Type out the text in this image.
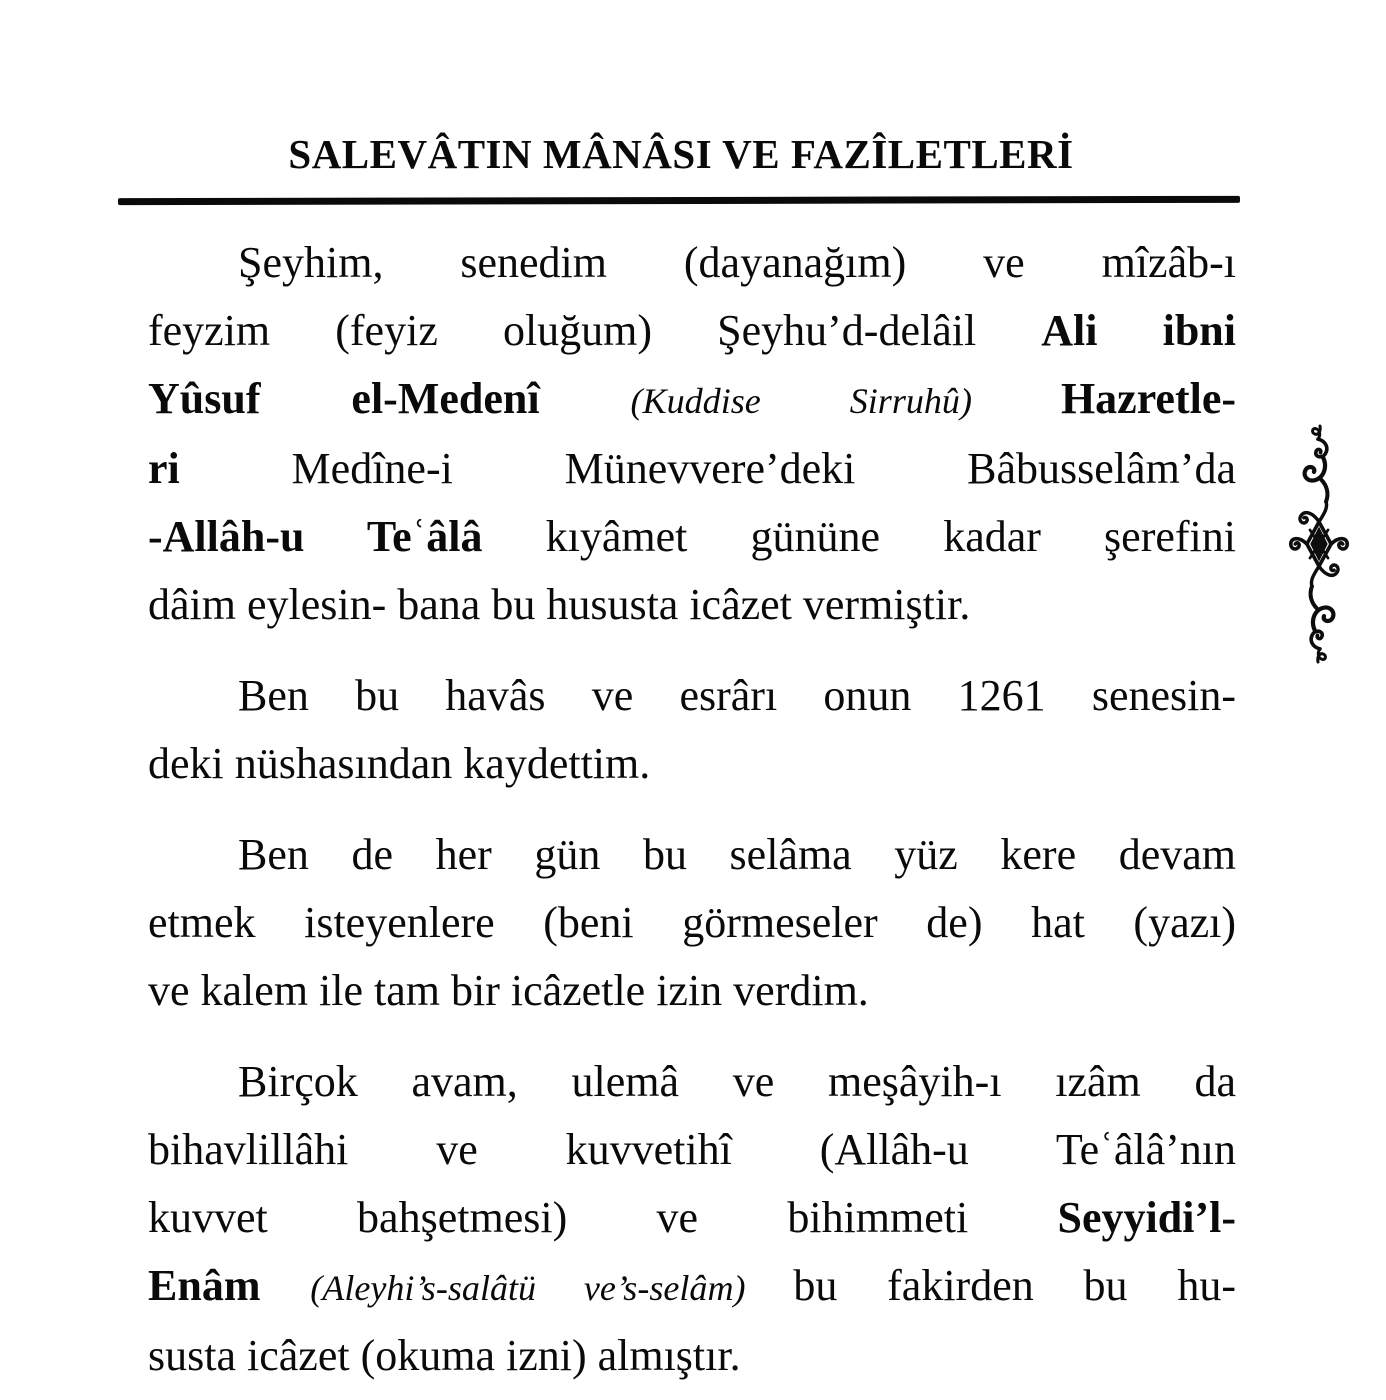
SALEVÂTIN MÂNÂSI VE FAZÎLETLERİ
Şeyhim, senedim (dayanağım) ve mîzâb-ı
feyzim (feyiz oluğum) Şeyhu’d-delâil Ali ibni
Yûsuf el-Medenî (Kuddise Sirruhû) Hazretle-
ri Medîne-i Münevvere’deki Bâbusselâm’da
-Allâh-u Teʿâlâ kıyâmet gününe kadar şerefini
dâim eylesin- bana bu hususta icâzet vermiştir.
Ben bu havâs ve esrârı onun 1261 senesin-
deki nüshasından kaydettim.
Ben de her gün bu selâma yüz kere devam
etmek isteyenlere (beni görmeseler de) hat (yazı)
ve kalem ile tam bir icâzetle izin verdim.
Birçok avam, ulemâ ve meşâyih-ı ızâm da
bihavlillâhi ve kuvvetihî (Allâh-u Teʿâlâ’nın
kuvvet bahşetmesi) ve bihimmeti Seyyidi’l-
Enâm (Aleyhi’s-salâtü ve’s-selâm) bu fakirden bu hu-
susta icâzet (okuma izni) almıştır.
